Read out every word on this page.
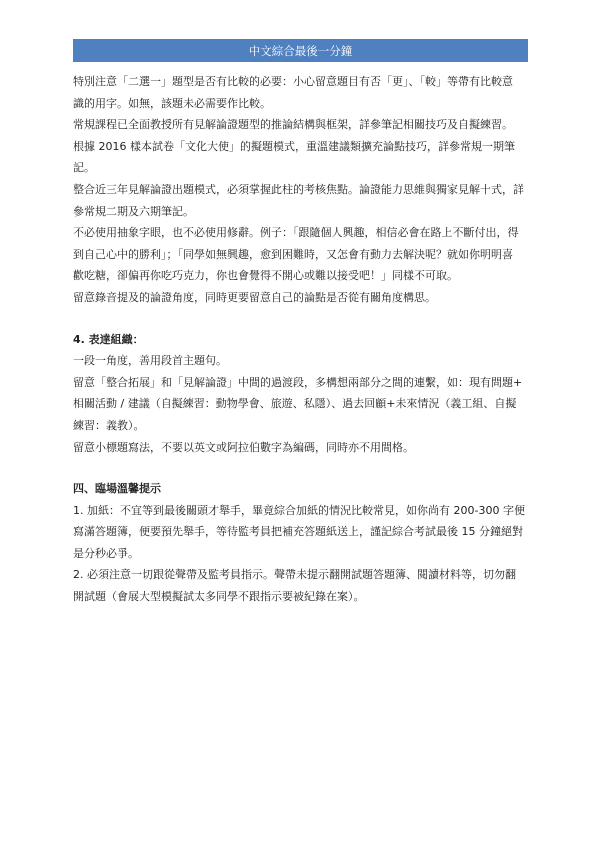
中文綜合最後一分鐘

特別注意「二選一」題型是否有比較的必要：小心留意題目有否「更」、「較」等帶有比較意

識的用字。如無，該題未必需要作比較。

常規課程已全面教授所有見解論證題型的推論結構與框架，詳參筆記相關技巧及自擬練習。

根據 2016 樣本試卷「文化大使」的擬題模式，重溫建議類擴充論點技巧，詳參常規一期筆

記。

整合近三年見解論證出題模式，必須掌握此柱的考核焦點。論證能力思維與獨家見解十式，詳

參常規二期及六期筆記。

不必使用抽象字眼，也不必使用修辭。例子：「跟隨個人興趣，相信必會在路上不斷付出，得

到自己心中的勝利」；「同學如無興趣，愈到困難時，又怎會有動力去解決呢？就如你明明喜

歡吃糖，卻偏再你吃巧克力，你也會覺得不開心或難以接受吧！」同樣不可取。

留意錄音提及的論證角度，同時更要留意自己的論點是否從有關角度構思。

4. 表達組織：

一段一角度，善用段首主題句。

留意「整合拓展」和「見解論證」中間的過渡段，多構想兩部分之間的連繫，如：現有問題+

相關活動 / 建議（自擬練習：動物學會、旅遊、私隱）、過去回顧+未來情況（義工組、自擬

練習：義教）。

留意小標題寫法，不要以英文或阿拉伯數字為編碼，同時亦不用間格。

四、臨場溫馨提示

1. 加紙：不宜等到最後關頭才舉手，畢竟綜合加紙的情況比較常見，如你尚有 200-300 字便

寫滿答題簿，便要預先舉手，等待監考員把補充答題紙送上，謹記綜合考試最後 15 分鐘絕對

是分秒必爭。

2. 必須注意一切跟從聲帶及監考員指示。聲帶未提示翻開試題答題簿、閱讀材料等，切勿翻

開試題（會展大型模擬試太多同學不跟指示要被紀錄在案）。
